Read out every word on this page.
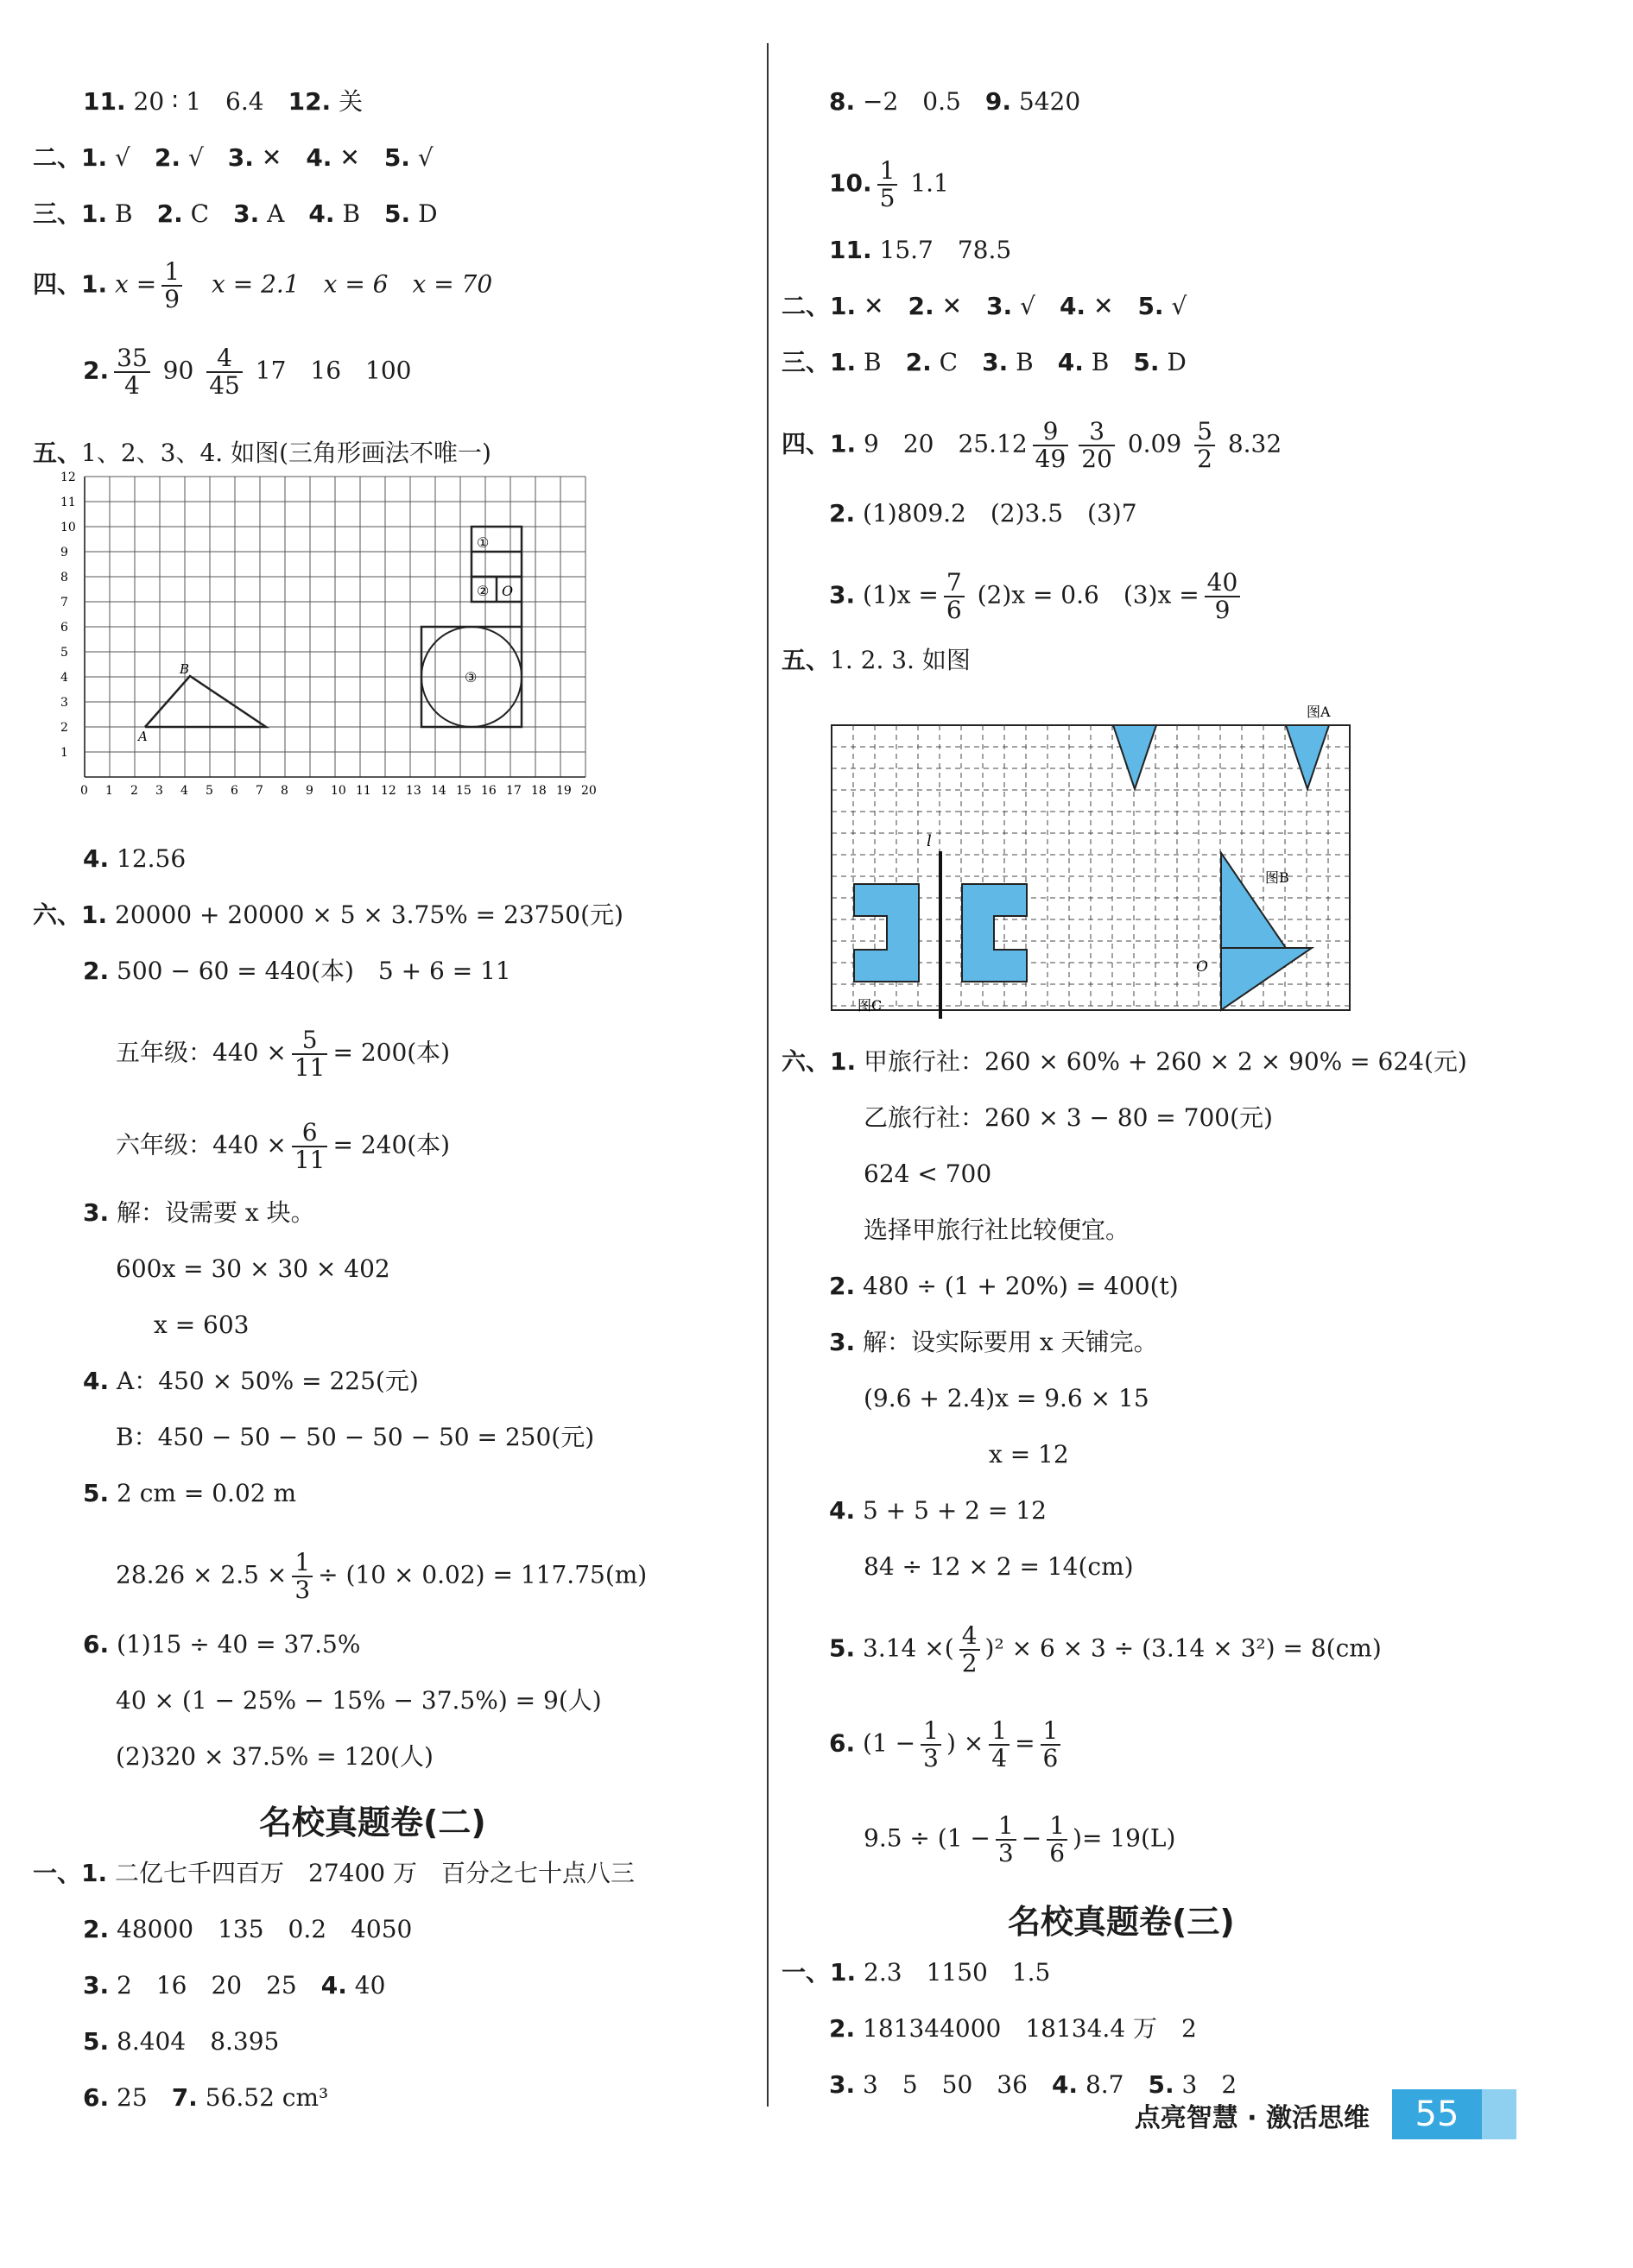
11. 20 ∶ 1　6.4　 12. 关
二、1. √　 2. √　 3. ✕　 4. ✕　 5. √
三、1. B　 2. C　 3. A　 4. B　 5. D
四、1. $x = \frac{1}{9}$
　 x = 2.1　x = 6　x = 70
2. $\frac{35}{4} 90 \frac{4}{45} 17$　16　100
五、1、2、3、4. 如图(三角形画法不唯一)
0 1 2 3 4 5 6 7 8 9 10 11 12 13 14 15 16 17 18 19 20
12
11
10
9
8
7
6
5
4
3
2
1
A
B
①
② O
③
4. 12.56
六、1. 20000 + 20000 × 5 × 3.75% = 23750(元)
2. 500 − 60 = 440(本)　5 + 6 = 11
五年级：$440 \times \frac{5}{11} = 200$(本)
六年级：$440 \times \frac{6}{11} = 240$(本)
3. 解：设需要 x 块。
600x = 30 × 30 × 402
x = 603
4. A：450 × 50% = 225(元)
B：450 − 50 − 50 − 50 − 50 = 250(元)
5. 2 cm = 0.02 m
$28.26 \times 2.5 \times \frac{1}{3} \div (10 \times 0.02) = 117.75(m)$
6. (1)15 ÷ 40 = 37.5%
40 × (1 − 25% − 15% − 37.5%) = 9(人)
(2)320 × 37.5% = 120(人)
名校真题卷(二)
一、1. 二亿七千四百万　27400 万　百分之七十点八三
2. 48000　135　0.2　4050
3. 2　16　20　25　 4. 40
5. 8.404　8.395
6. 25　 7. 56.52 cm³
8. −2　0.5　 9. 5420
10. $\frac{1}{5} 1.1$
11. 15.7　78.5
二、1. ✕　 2. ✕　 3. √　 4. ✕　 5. √
三、1. B　 2. C　 3. B　 4. B　 5. D
四、1. 9　20　$25.12 \frac{9}{49} \frac{3}{20} 0.09 \frac{5}{2} 8.32$
2. (1)809.2　(2)3.5　(3)7
3. $(1)x = \frac{7}{6} (2)x = 0.6$　$(3)x = \frac{40}{9}$
五、1. 2. 3. 如图
图A
图B
O
l
图C
六、1. 甲旅行社：260 × 60% + 260 × 2 × 90% = 624(元)
乙旅行社：260 × 3 − 80 = 700(元)
624 < 700
选择甲旅行社比较便宜。
2. 480 ÷ (1 + 20%) = 400(t)
3. 解：设实际要用 x 天铺完。
(9.6 + 2.4)x = 9.6 × 15
x = 12
4. 5 + 5 + 2 = 12
84 ÷ 12 × 2 = 14(cm)
5. 3.14 ×( $\frac{4}{2} )^2 \times 6 \times 3 \div (3.14 \times 3^2) = 8(cm)$
6. ($1 - \frac{1}{3}$ ) × $\frac{1}{4} = \frac{1}{6}$
$9.5 \div (1 - \frac{1}{3} - \frac{1}{6}$ )= 19(L)
名校真题卷(三)
一、1. 2.3　1150　1.5
2. 181344000　18134.4 万　2
3. 3　5　50　36　 4. 8.7　 5. 3　2
点亮智慧 · 激活思维	55
